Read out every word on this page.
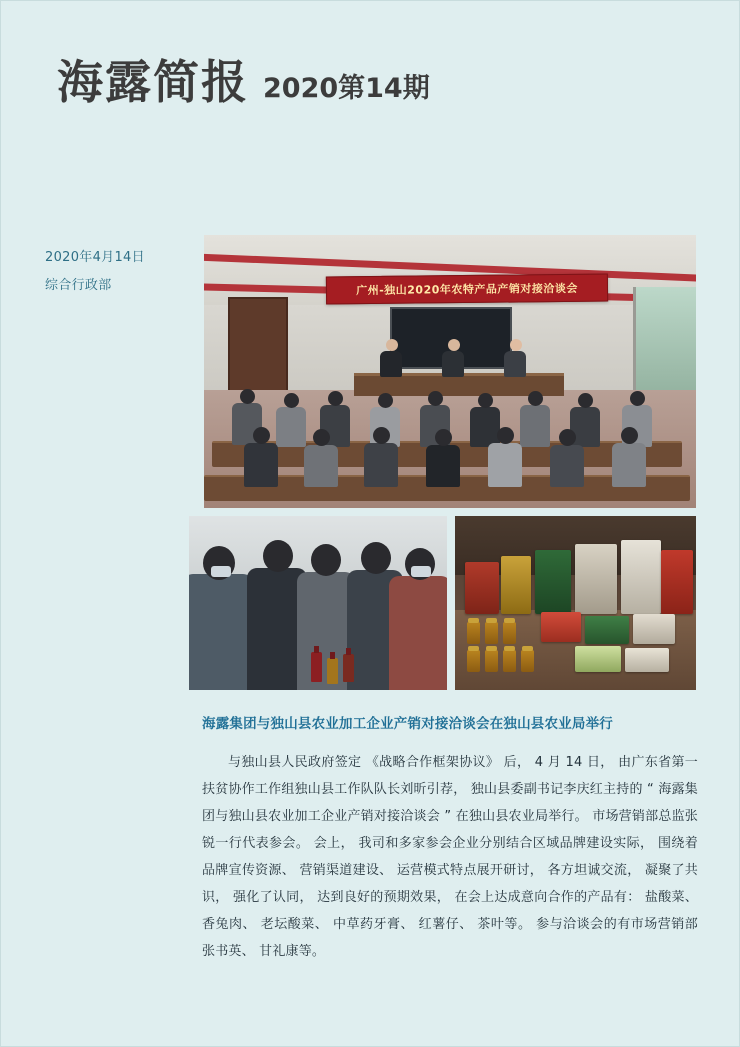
海露简报 2020第14期
2020年4月14日
综合行政部	广州-独山2020年农特产品产销对接洽谈会
海露集团与独山县农业加工企业产销对接洽谈会在独山县农业局举行
与独山县人民政府签定 《战略合作框架协议》 后， 4 月 14 日， 由广东省第一扶贫协作工作组独山县工作队队长刘昕引荐， 独山县委副书记李庆红主持的 “ 海露集团与独山县农业加工企业产销对接洽谈会 ” 在独山县农业局举行。 市场营销部总监张锐一行代表参会。 会上， 我司和多家参会企业分别结合区域品牌建设实际， 围绕着品牌宣传资源、 营销渠道建设、 运营模式特点展开研讨， 各方坦诚交流， 凝聚了共识， 强化了认同， 达到良好的预期效果， 在会上达成意向合作的产品有： 盐酸菜、 香兔肉、 老坛酸菜、 中草药牙膏、 红薯仔、 茶叶等。 参与洽谈会的有市场营销部张书英、 甘礼康等。
